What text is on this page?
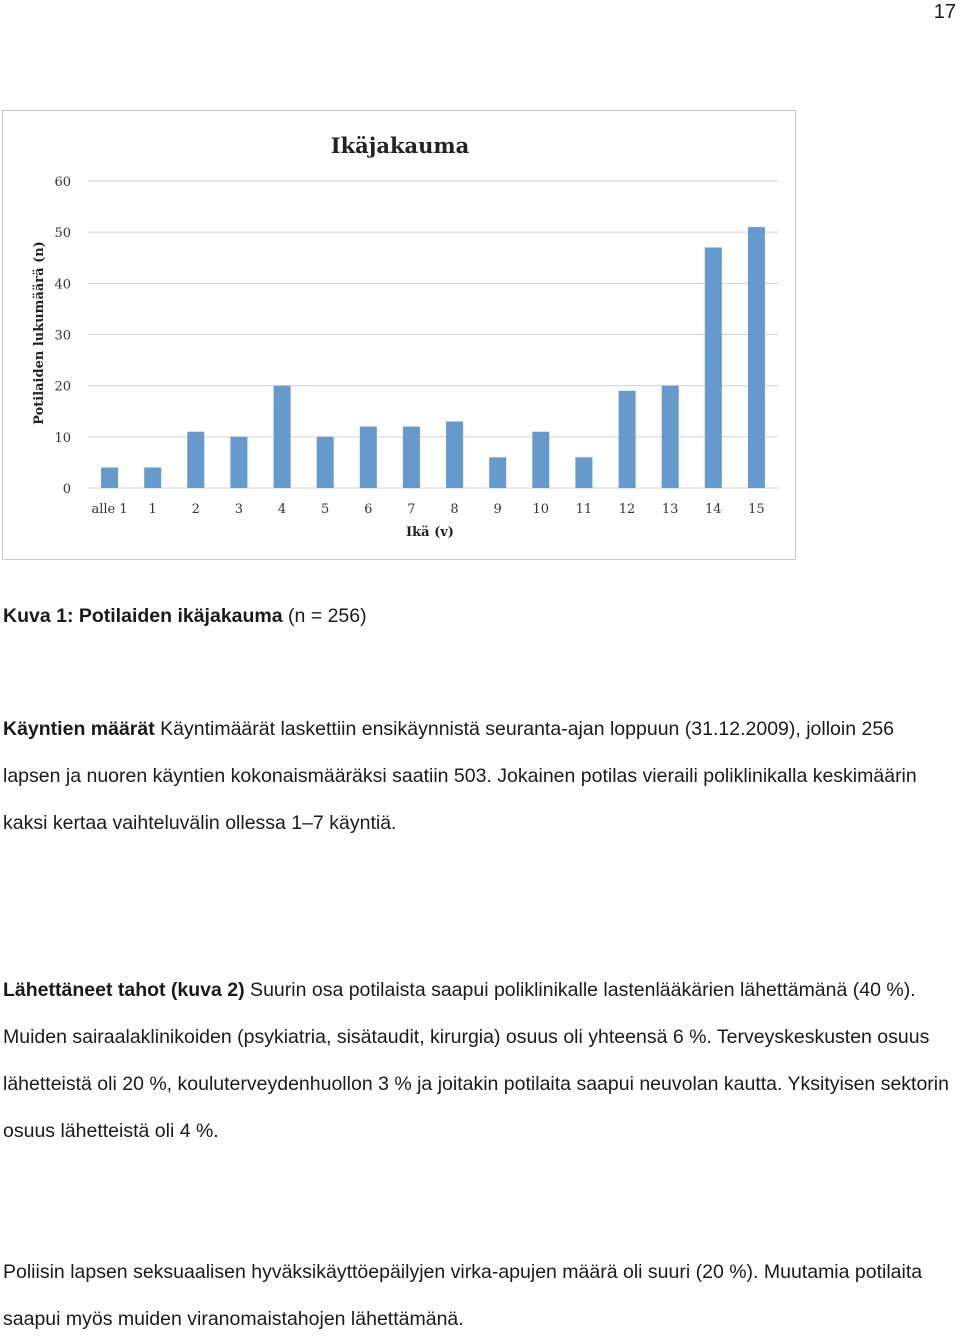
17
Ikäjakauma
0
10
20
30
40
50
60
alle 1 1	2	3	4	5	6	7	8	9 10 11 12 13 14 15
Ikä (v)
Potilaiden lukumäärä (n)

Kuva 1: Potilaiden ikäjakauma (n = 256)

Käyntien määrät Käyntimäärät laskettiin ensikäynnistä seuranta-ajan loppuun (31.12.2009), jolloin 256 lapsen ja nuoren käyntien kokonaismääräksi saatiin 503. Jokainen potilas vieraili poliklinikalla keskimäärin kaksi kertaa vaihteluvälin ollessa 1–7 käyntiä.

Lähettäneet tahot (kuva 2) Suurin osa potilaista saapui poliklinikalle lastenlääkärien lähettämänä (40 %). Muiden sairaalaklinikoiden (psykiatria, sisätaudit, kirurgia) osuus oli yhteensä 6 %. Terveyskeskusten osuus lähetteistä oli 20 %, kouluterveydenhuollon 3 % ja joitakin potilaita saapui neuvolan kautta. Yksityisen sektorin osuus lähetteistä oli 4 %.

Poliisin lapsen seksuaalisen hyväksikäyttöepäilyjen virka-apujen määrä oli suuri (20 %). Muutamia potilaita saapui myös muiden viranomaistahojen lähettämänä.
